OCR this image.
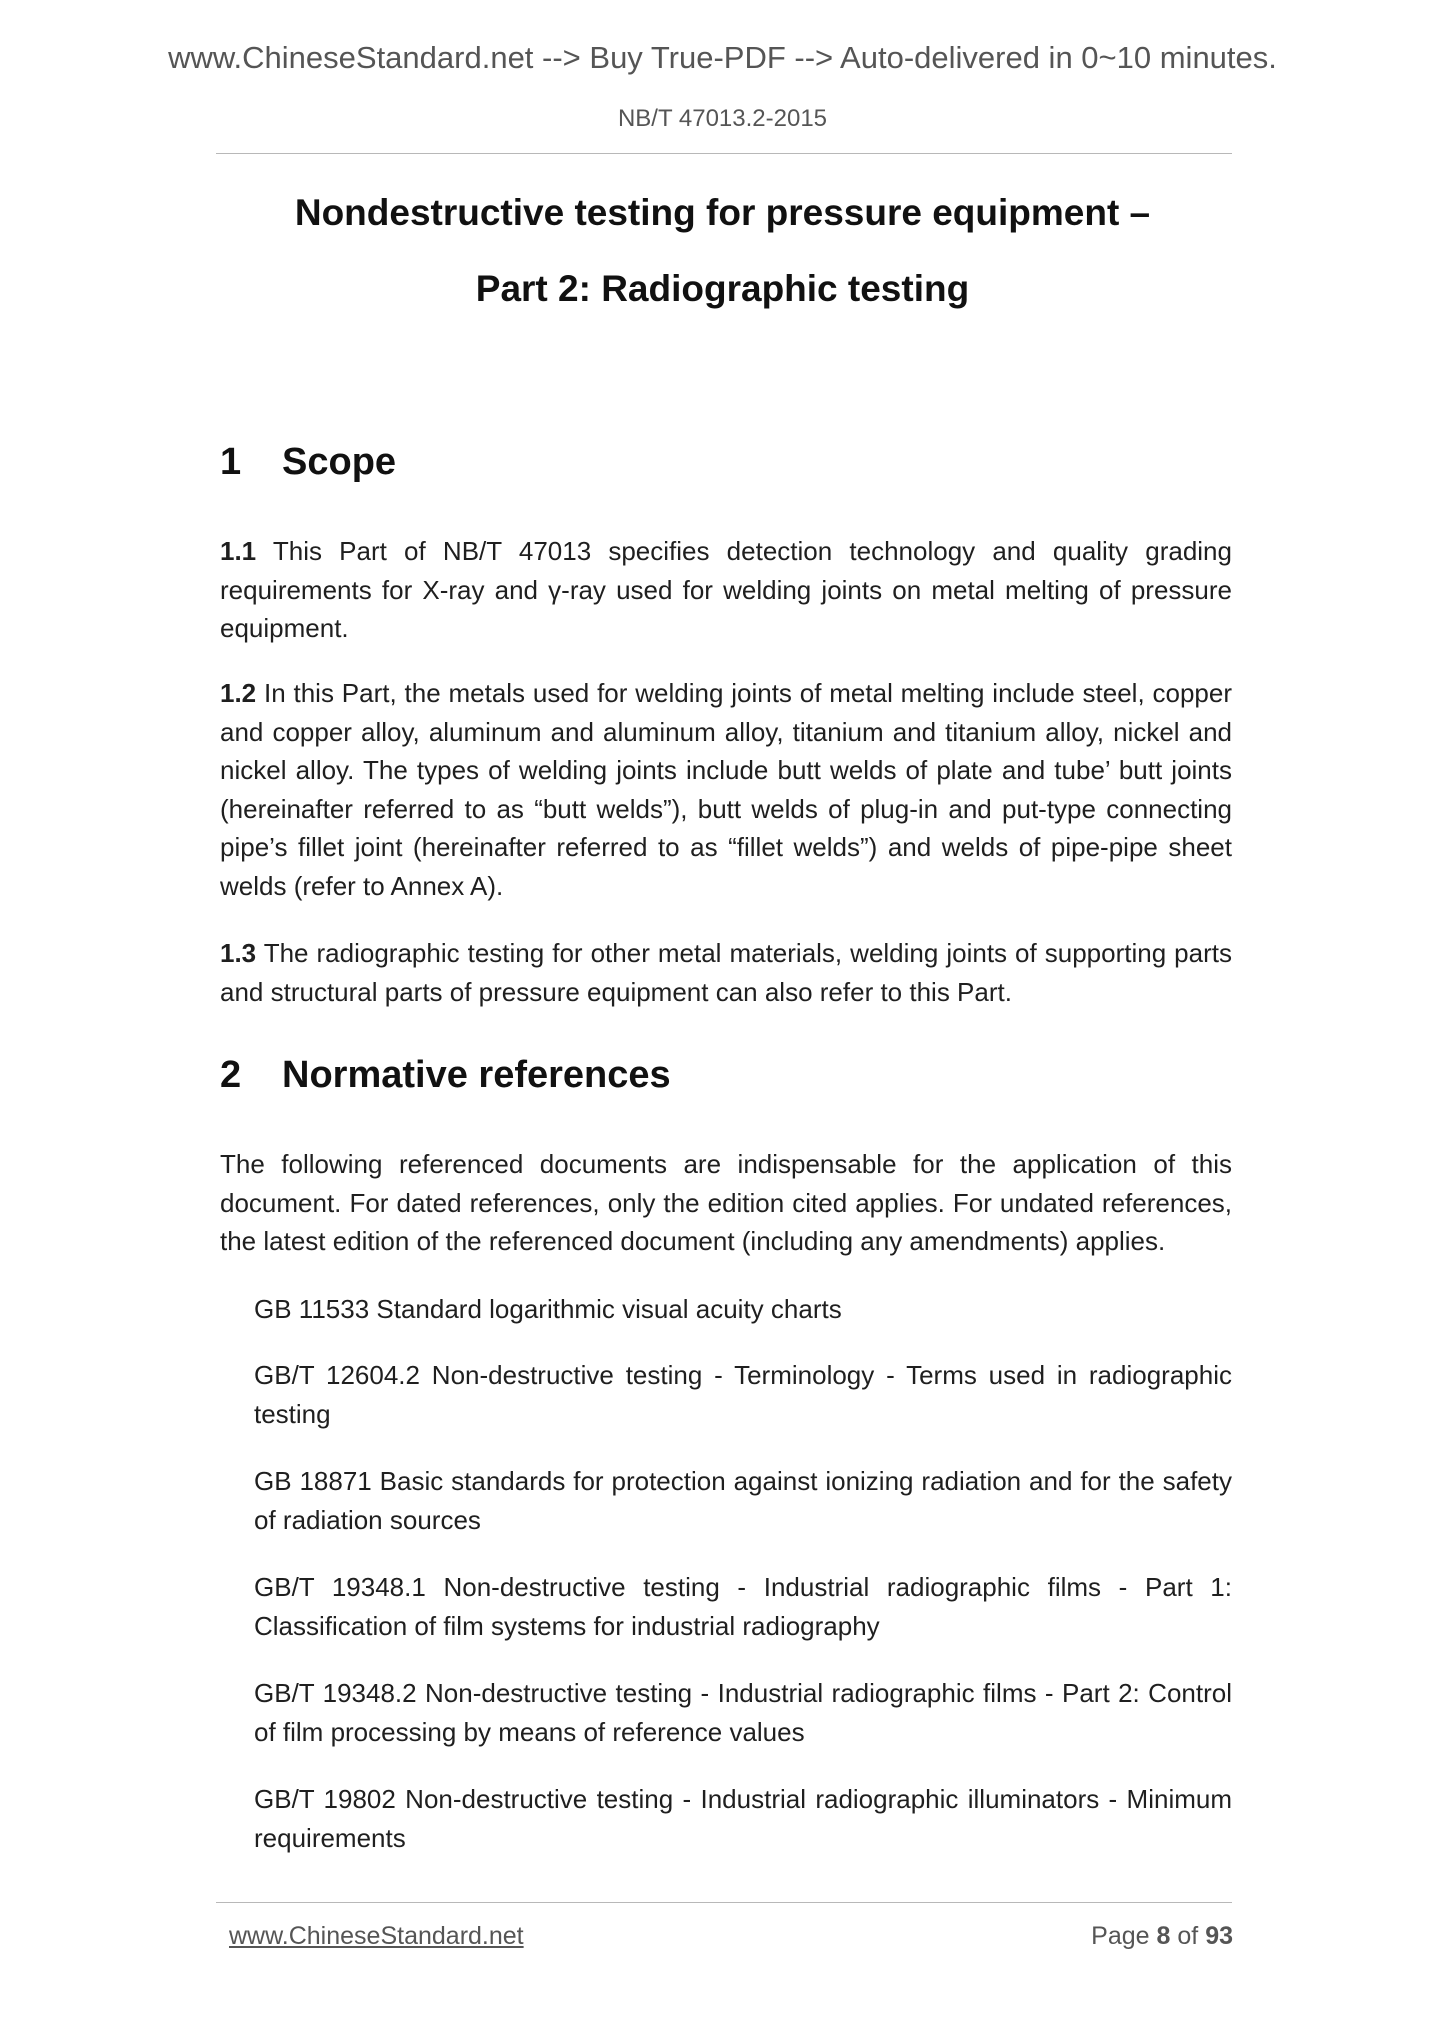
www.ChineseStandard.net --> Buy True-PDF --> Auto-delivered in 0~10 minutes.
NB/T 47013.2-2015
Nondestructive testing for pressure equipment –
Part 2: Radiographic testing
1 Scope
1.1 This Part of NB/T 47013 specifies detection technology and quality grading requirements for X-ray and γ-ray used for welding joints on metal melting of pressure equipment.
1.2 In this Part, the metals used for welding joints of metal melting include steel, copper and copper alloy, aluminum and aluminum alloy, titanium and titanium alloy, nickel and nickel alloy. The types of welding joints include butt welds of plate and tube’ butt joints (hereinafter referred to as “butt welds”), butt welds of plug-in and put-type connecting pipe’s fillet joint (hereinafter referred to as “fillet welds”) and welds of pipe-pipe sheet welds (refer to Annex A).
1.3 The radiographic testing for other metal materials, welding joints of supporting parts and structural parts of pressure equipment can also refer to this Part.
2 Normative references
The following referenced documents are indispensable for the application of this document. For dated references, only the edition cited applies. For undated references, the latest edition of the referenced document (including any amendments) applies.
GB 11533 Standard logarithmic visual acuity charts
GB/T 12604.2 Non-destructive testing - Terminology - Terms used in radiographic testing
GB 18871 Basic standards for protection against ionizing radiation and for the safety of radiation sources
GB/T 19348.1 Non-destructive testing - Industrial radiographic films - Part 1: Classification of film systems for industrial radiography
GB/T 19348.2 Non-destructive testing - Industrial radiographic films - Part 2: Control of film processing by means of reference values
GB/T 19802 Non-destructive testing - Industrial radiographic illuminators - Minimum requirements
www.ChineseStandard.net	Page 8 of 93
